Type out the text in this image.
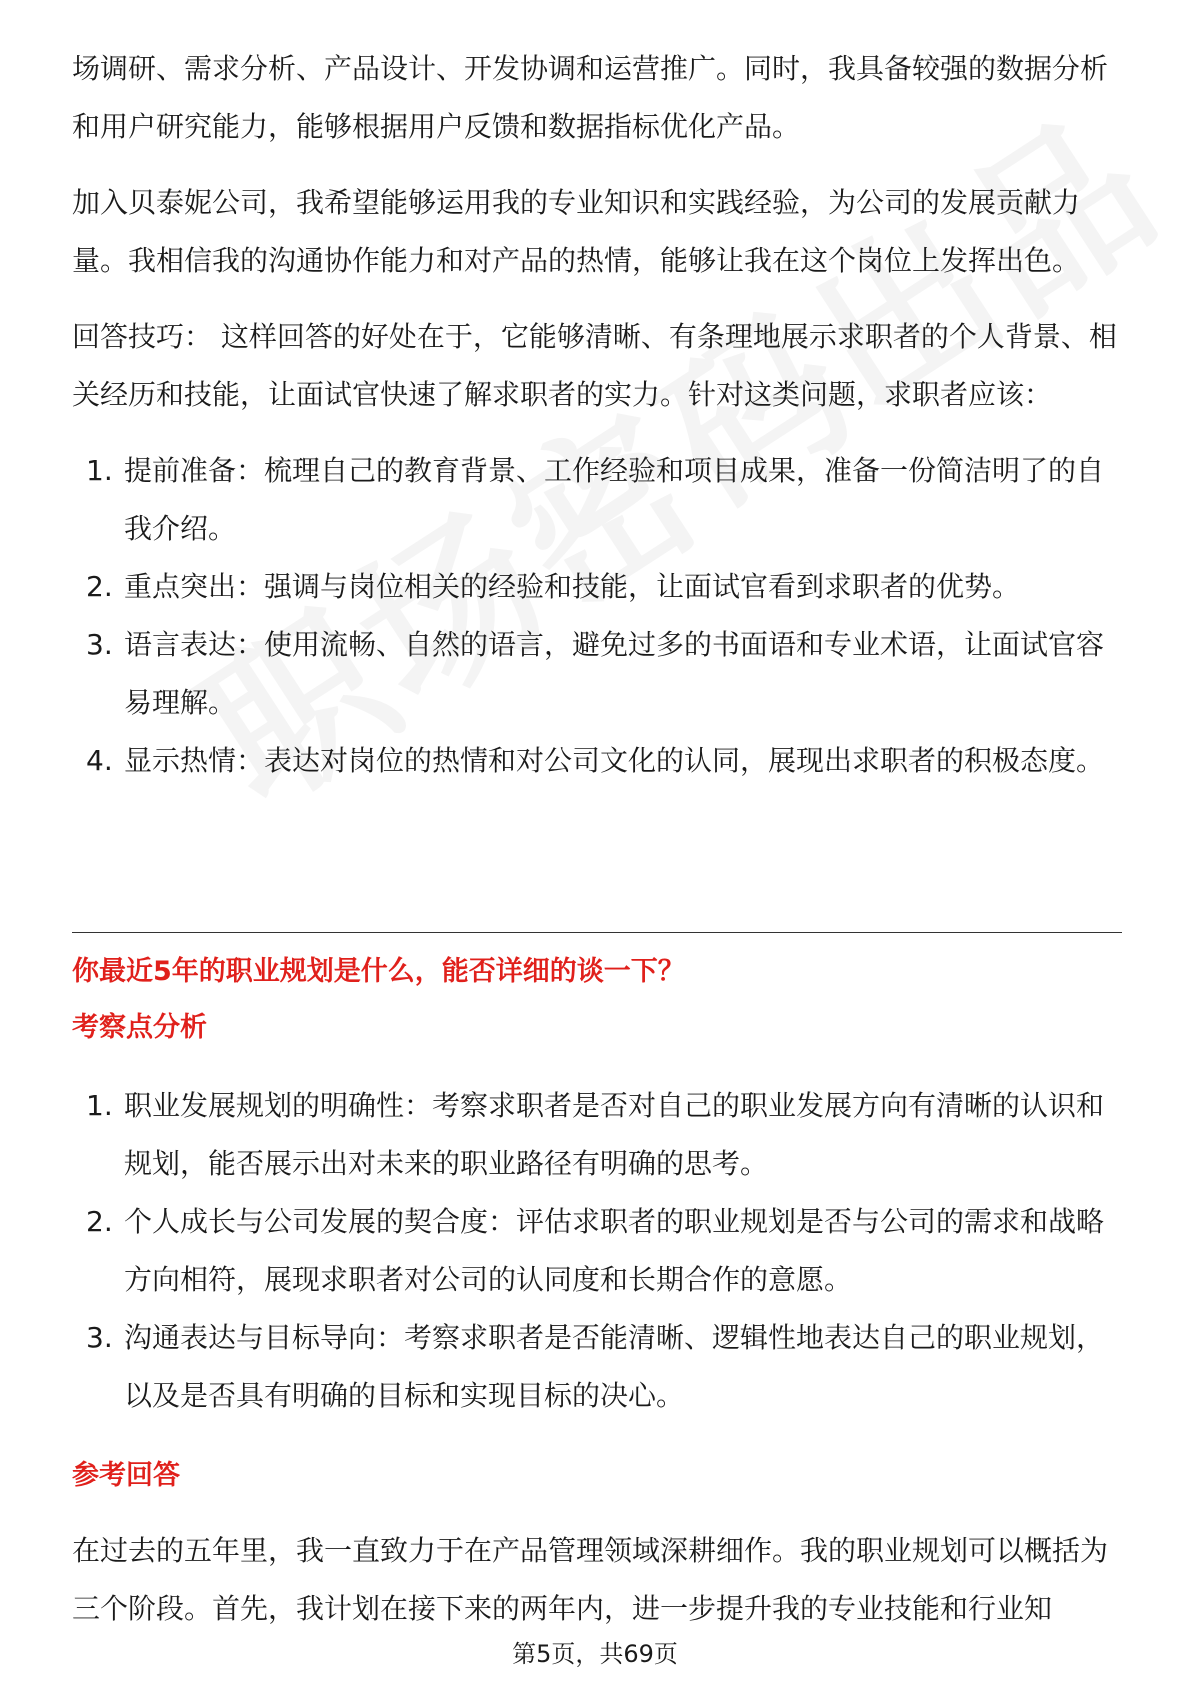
场调研、需求分析、产品设计、开发协调和运营推广。同时，我具备较强的数据分析和用户研究能力，能够根据用户反馈和数据指标优化产品。

加入贝泰妮公司，我希望能够运用我的专业知识和实践经验，为公司的发展贡献力量。我相信我的沟通协作能力和对产品的热情，能够让我在这个岗位上发挥出色。

回答技巧： 这样回答的好处在于，它能够清晰、有条理地展示求职者的个人背景、相关经历和技能，让面试官快速了解求职者的实力。针对这类问题，求职者应该：

1. 提前准备：梳理自己的教育背景、工作经验和项目成果，准备一份简洁明了的自我介绍。
2. 重点突出：强调与岗位相关的经验和技能，让面试官看到求职者的优势。
3. 语言表达：使用流畅、自然的语言，避免过多的书面语和专业术语，让面试官容易理解。
4. 显示热情：表达对岗位的热情和对公司文化的认同，展现出求职者的积极态度。
你最近5年的职业规划是什么，能否详细的谈一下？
考察点分析
1. 职业发展规划的明确性：考察求职者是否对自己的职业发展方向有清晰的认识和规划，能否展示出对未来的职业路径有明确的思考。
2. 个人成长与公司发展的契合度：评估求职者的职业规划是否与公司的需求和战略方向相符，展现求职者对公司的认同度和长期合作的意愿。
3. 沟通表达与目标导向：考察求职者是否能清晰、逻辑性地表达自己的职业规划，以及是否具有明确的目标和实现目标的决心。
参考回答

在过去的五年里，我一直致力于在产品管理领域深耕细作。我的职业规划可以概括为三个阶段。首先，我计划在接下来的两年内，进一步提升我的专业技能和行业知

第5页，共69页
